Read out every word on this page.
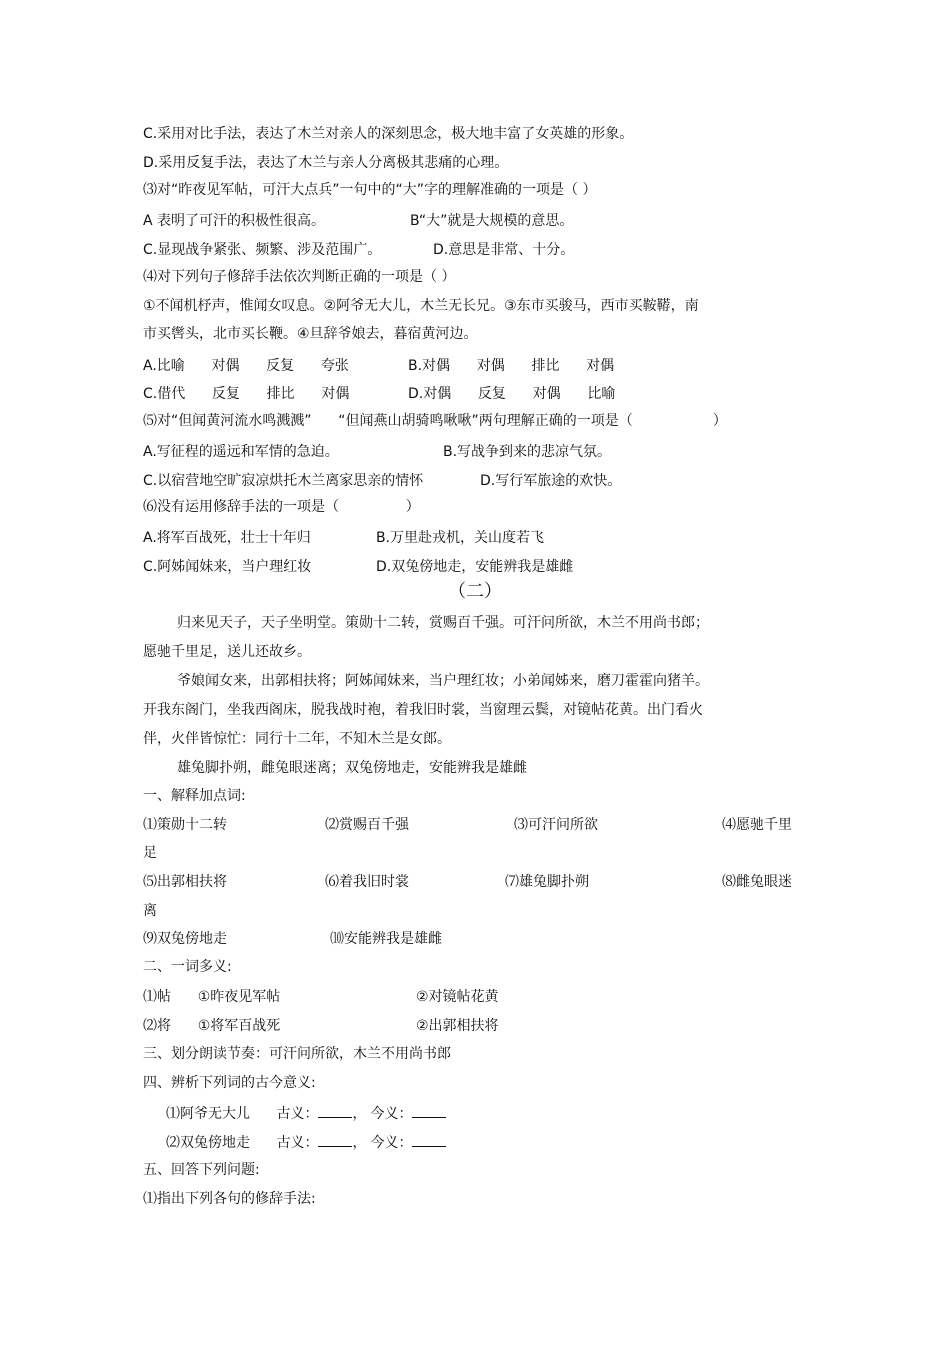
C.采用对比手法，表达了木兰对亲人的深刻思念，极大地丰富了女英雄的形象。
D.采用反复手法，表达了木兰与亲人分离极其悲痛的心理。
⑶对“昨夜见军帖，可汗大点兵”一句中的“大”字的理解准确的一项是（ ）
A 表明了可汗的积极性很高。	B“大”就是大规模的意思。
C.显现战争紧张、频繁、涉及范围广。	D.意思是非常、十分。
⑷对下列句子修辞手法依次判断正确的一项是（ ）
①不闻机杼声，惟闻女叹息。②阿爷无大儿，木兰无长兄。③东市买骏马，西市买鞍鞯，南
市买辔头，北市买长鞭。④旦辞爷娘去，暮宿黄河边。
A.比喻      对偶      反复      夸张	B.对偶      对偶      排比      对偶
C.借代      反复      排比      对偶	D.对偶      反复      对偶      比喻
⑸对“但闻黄河流水鸣溅溅”      “但闻燕山胡骑鸣啾啾”两句理解正确的一项是（                  ）
A.写征程的遥远和军情的急迫。	B.写战争到来的悲凉气氛。
C.以宿营地空旷寂凉烘托木兰离家思亲的情怀	D.写行军旅途的欢快。
⑹没有运用修辞手法的一项是（               ）
A.将军百战死，壮士十年归	B.万里赴戎机，关山度若飞
C.阿姊闻妹来，当户理红妆	D.双兔傍地走，安能辨我是雄雌
（二）
归来见天子，天子坐明堂。策勋十二转，赏赐百千强。可汗问所欲，木兰不用尚书郎；
愿驰千里足，送儿还故乡。
爷娘闻女来，出郭相扶将；阿姊闻妹来，当户理红妆；小弟闻姊来，磨刀霍霍向猪羊。
开我东阁门，坐我西阁床，脱我战时袍，着我旧时裳，当窗理云鬓，对镜帖花黄。出门看火
伴，火伴皆惊忙：同行十二年，不知木兰是女郎。
雄兔脚扑朔，雌兔眼迷离；双兔傍地走，安能辨我是雄雌
一、解释加点词:
⑴策勋十二转	⑵赏赐百千强	⑶可汗问所欲	⑷愿驰千里
足
⑸出郭相扶将	⑹着我旧时裳	⑺雄兔脚扑朔	⑻雌兔眼迷
离
⑼双兔傍地走	⑽安能辨我是雄雌
二、一词多义:
⑴帖      ①昨夜见军帖	②对镜帖花黄
⑵将      ①将军百战死	②出郭相扶将
三、划分朗读节奏：可汗问所欲，木兰不用尚书郎
四、辨析下列词的古今意义:
⑴阿爷无大儿 古义： ， 今义：
⑵双兔傍地走 古义： ， 今义：
五、回答下列问题:
⑴指出下列各句的修辞手法:
